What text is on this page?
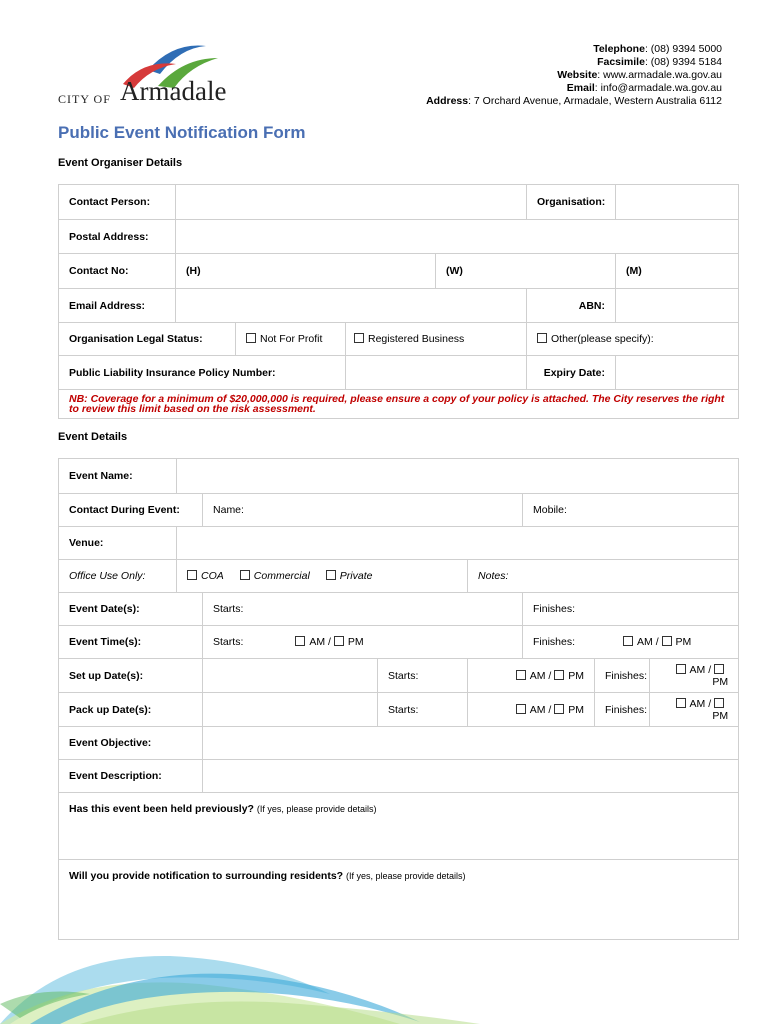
CITY OF Armadale
Telephone: (08) 9394 5000
Facsimile: (08) 9394 5184
Website: www.armadale.wa.gov.au
Email: info@armadale.wa.gov.au
Address: 7 Orchard Avenue, Armadale, Western Australia 6112
Public Event Notification Form
Event Organiser Details
Contact Person:					Organisation:	
Postal Address:						
Contact No:	(H)			(W)		(M)
Email Address:					ABN:	
Organisation Legal Status:		Not For Profit	Registered Business		Other(please specify):	
Public Liability Insurance Policy Number:					Expiry Date:	
NB: Coverage for a minimum of $20,000,000 is required, please ensure a copy of your policy is attached. The City reserves the right to review this limit based on the risk assessment.						
Event Details
Event Name:							
Contact During Event:		Name:			Mobile:		
Venue:							
Office Use Only:	COA Commercial Private			Notes:			
Event Date(s):		Starts:			Finishes:		
Event Time(s):		Starts: AM / PM			Finishes: AM / PM		
Set up Date(s):			Starts:	AM / PM		Finishes:	AM / PM
Pack up Date(s):			Starts:	AM / PM		Finishes:	AM / PM
Event Objective:							
Event Description:							
Has this event been held previously? (If yes, please provide details)							
Will you provide notification to surrounding residents? (If yes, please provide details)							
